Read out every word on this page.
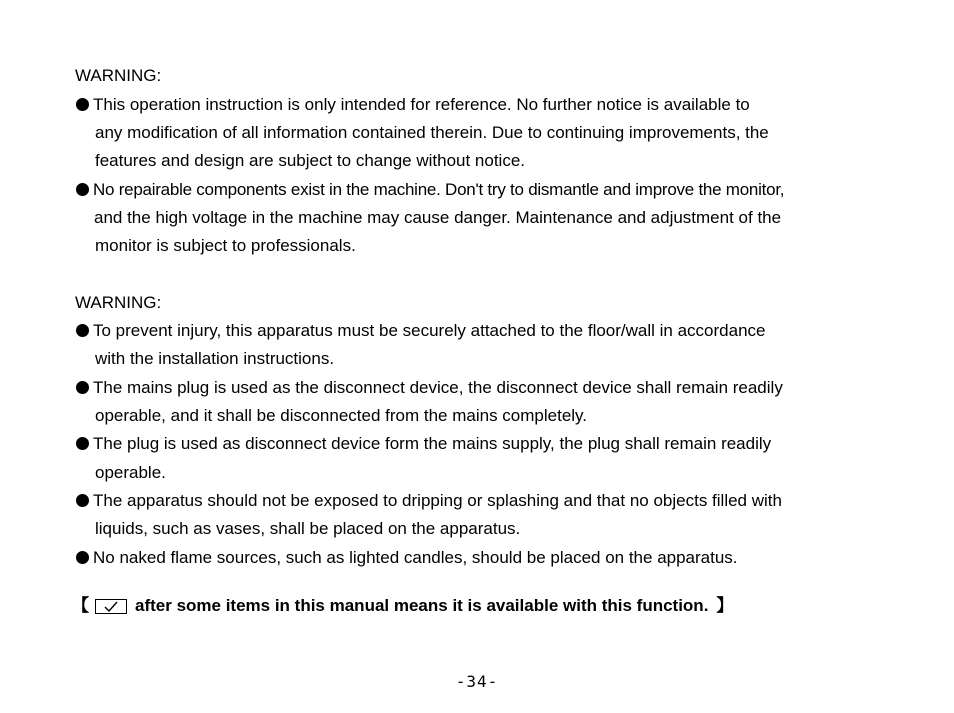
WARNING:
This operation instruction is only intended for reference. No further notice is available to
any modification of all information contained therein. Due to continuing improvements, the
features and design are subject to change without notice.
No repairable components exist in the machine. Don't try to dismantle and improve the monitor,
and the high voltage in the machine may cause danger. Maintenance and adjustment of the
monitor is subject to professionals.
WARNING:
To prevent injury, this apparatus must be securely attached to the floor/wall in accordance
with the installation instructions.
The mains plug is used as the disconnect device, the disconnect device shall remain readily
operable, and it shall be disconnected from the mains completely.
The plug is used as disconnect device form the mains supply, the plug shall remain readily
operable.
The apparatus should not be exposed to dripping or splashing and that no objects filled with
liquids, such as vases, shall be placed on the apparatus.
No naked flame sources, such as lighted candles, should be placed on the apparatus.
【	after some items in this manual means it is available with this function. 】
-34-
